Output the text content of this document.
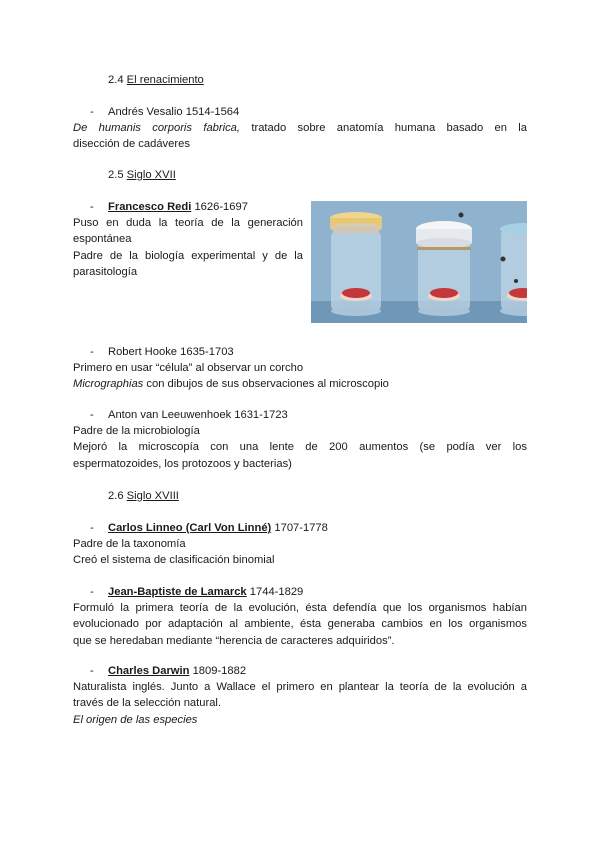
2.4 El renacimiento
- Andrés Vesalio 1514-1564
De humanis corporis fabrica, tratado sobre anatomía humana basado en la
disección de cadáveres
2.5 Siglo XVII
- Francesco Redi 1626-1697
Puso en duda la teoría de la generación
espontánea
Padre de la biología experimental y de la
parasitología
- Robert Hooke 1635-1703
Primero en usar “célula” al observar un corcho
Micrographias con dibujos de sus observaciones al microscopio
- Anton van Leeuwenhoek 1631-1723
Padre de la microbiología
Mejoró la microscopía con una lente de 200 aumentos (se podía ver los
espermatozoides, los protozoos y bacterias)
2.6 Siglo XVIII
- Carlos Linneo (Carl Von Linné) 1707-1778
Padre de la taxonomía
Creó el sistema de clasificación binomial
- Jean-Baptiste de Lamarck 1744-1829
Formuló la primera teoría de la evolución, ésta defendía que los organismos habían
evolucionado por adaptación al ambiente, ésta generaba cambios en los organismos
que se heredaban mediante “herencia de caracteres adquiridos”.
- Charles Darwin 1809-1882
Naturalista inglés. Junto a Wallace el primero en plantear la teoría de la evolución a
través de la selección natural.
El origen de las especies
